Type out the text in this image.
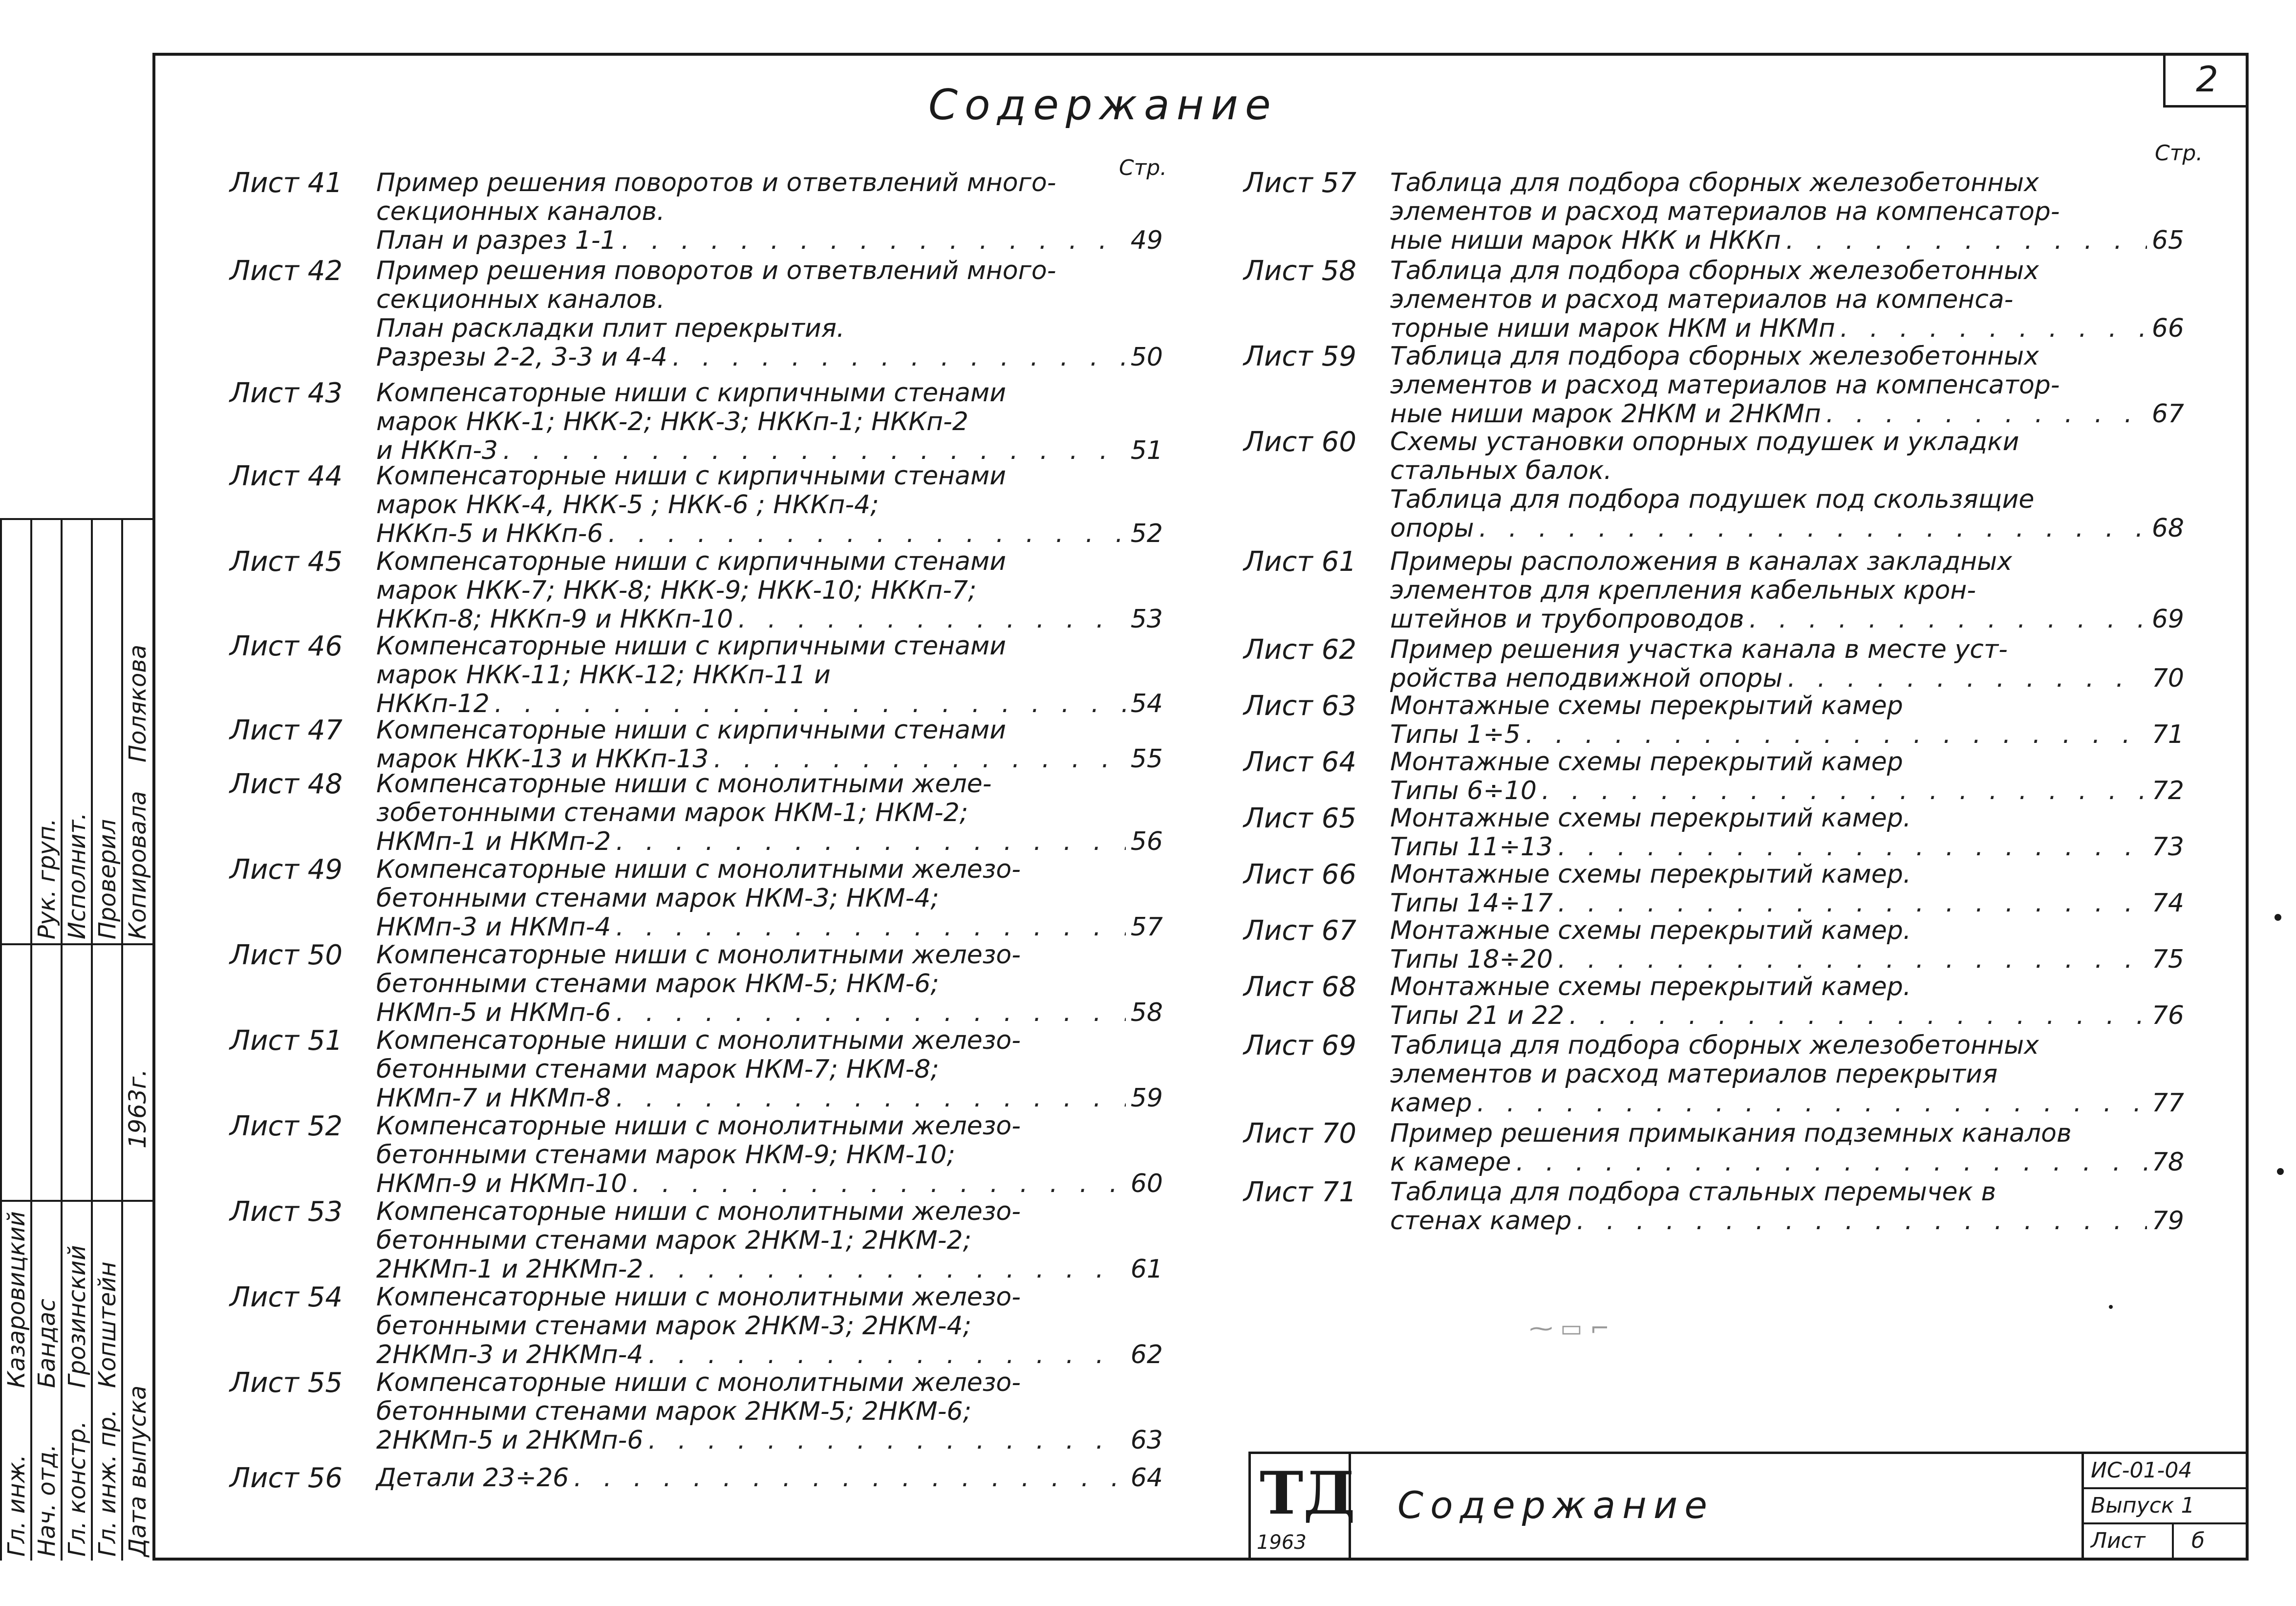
2
Содержание
Стр.
Стр.
Лист 41	Пример решения поворотов и ответвлений много-
секционных каналов.
План и разрез 1-1 . . .	49
Лист 42	Пример решения поворотов и ответвлений много-
секционных каналов.
План раскладки плит перекрытия.
Разрезы 2-2, 3-3 и 4-4 . . .	50
Лист 43	Компенсаторные ниши с кирпичными стенами
марок НКК-1; НКК-2; НКК-3; НККп-1; НККп-2
и НККп-3 . . .	51
Лист 44	Компенсаторные ниши с кирпичными стенами
марок НКК-4, НКК-5 ; НКК-6 ; НККп-4;
НККп-5 и НККп-6 . . .	52
Лист 45	Компенсаторные ниши с кирпичными стенами
марок НКК-7; НКК-8; НКК-9; НКК-10; НККп-7;
НККп-8; НККп-9 и НККп-10 . . .	53
Лист 46	Компенсаторные ниши с кирпичными стенами
марок НКК-11; НКК-12; НККп-11 и
НККп-12 . . .	54
Лист 47	Компенсаторные ниши с кирпичными стенами
марок НКК-13 и НККп-13 . . .	55
Лист 48	Компенсаторные ниши с монолитными желе-
зобетонными стенами марок НКМ-1; НКМ-2;
НКМп-1 и НКМп-2 . . .	56
Лист 49	Компенсаторные ниши с монолитными железо-
бетонными стенами марок НКМ-3; НКМ-4;
НКМп-3 и НКМп-4 . . .	57
Лист 50	Компенсаторные ниши с монолитными железо-
бетонными стенами марок НКМ-5; НКМ-6;
НКМп-5 и НКМп-6 . . .	58
Лист 51	Компенсаторные ниши с монолитными железо-
бетонными стенами марок НКМ-7; НКМ-8;
НКМп-7 и НКМп-8 . . .	59
Лист 52	Компенсаторные ниши с монолитными железо-
бетонными стенами марок НКМ-9; НКМ-10;
НКМп-9 и НКМп-10 . . .	60
Лист 53	Компенсаторные ниши с монолитными железо-
бетонными стенами марок 2НКМ-1; 2НКМ-2;
2НКМп-1 и 2НКМп-2 . . .	61
Лист 54	Компенсаторные ниши с монолитными железо-
бетонными стенами марок 2НКМ-3; 2НКМ-4;
2НКМп-3 и 2НКМп-4 . . .	62
Лист 55	Компенсаторные ниши с монолитными железо-
бетонными стенами марок 2НКМ-5; 2НКМ-6;
2НКМп-5 и 2НКМп-6 . . .	63
Лист 56	Детали 23÷26 . . .	64
Лист 57	Таблица для подбора сборных железобетонных
элементов и расход материалов на компенсатор-
ные ниши марок НКК и НККп . . .	65
Лист 58	Таблица для подбора сборных железобетонных
элементов и расход материалов на компенса-
торные ниши марок НКМ и НКМп . . .	66
Лист 59	Таблица для подбора сборных железобетонных
элементов и расход материалов на компенсатор-
ные ниши марок 2НКМ и 2НКМп . . .	67
Лист 60	Схемы установки опорных подушек и укладки
стальных балок.
Таблица для подбора подушек под скользящие
опоры . . .	68
Лист 61	Примеры расположения в каналах закладных
элементов для крепления кабельных крон-
штейнов и трубопроводов . . .	69
Лист 62	Пример решения участка канала в месте уст-
ройства неподвижной опоры . . .	70
Лист 63	Монтажные схемы перекрытий камер
Типы 1÷5 . . .	71
Лист 64	Монтажные схемы перекрытий камер
Типы 6÷10 . . .	72
Лист 65	Монтажные схемы перекрытий камер.
Типы 11÷13 . . .	73
Лист 66	Монтажные схемы перекрытий камер.
Типы 14÷17 . . .	74
Лист 67	Монтажные схемы перекрытий камер.
Типы 18÷20 . . .	75
Лист 68	Монтажные схемы перекрытий камер.
Типы 21 и 22 . . .	76
Лист 69	Таблица для подбора сборных железобетонных
элементов и расход материалов перекрытия
камер . . .	77
Лист 70	Пример решения примыкания подземных каналов
к камере . . .	78
Лист 71	Таблица для подбора стальных перемычек в
стенах камер . . .	79
Гл. инж. Нач. отд. Гл. констр. Гл. инж. пр. Дата выпуска
Рук. груп. Исполнит. Проверил Копировала
Казаровицкий Бандас Грозинский Копштейн
Полякова
1963г.
ТД
1963
Содержание
ИС-01-04
Выпуск 1
Лист б
⁓ ▭ ⌐
